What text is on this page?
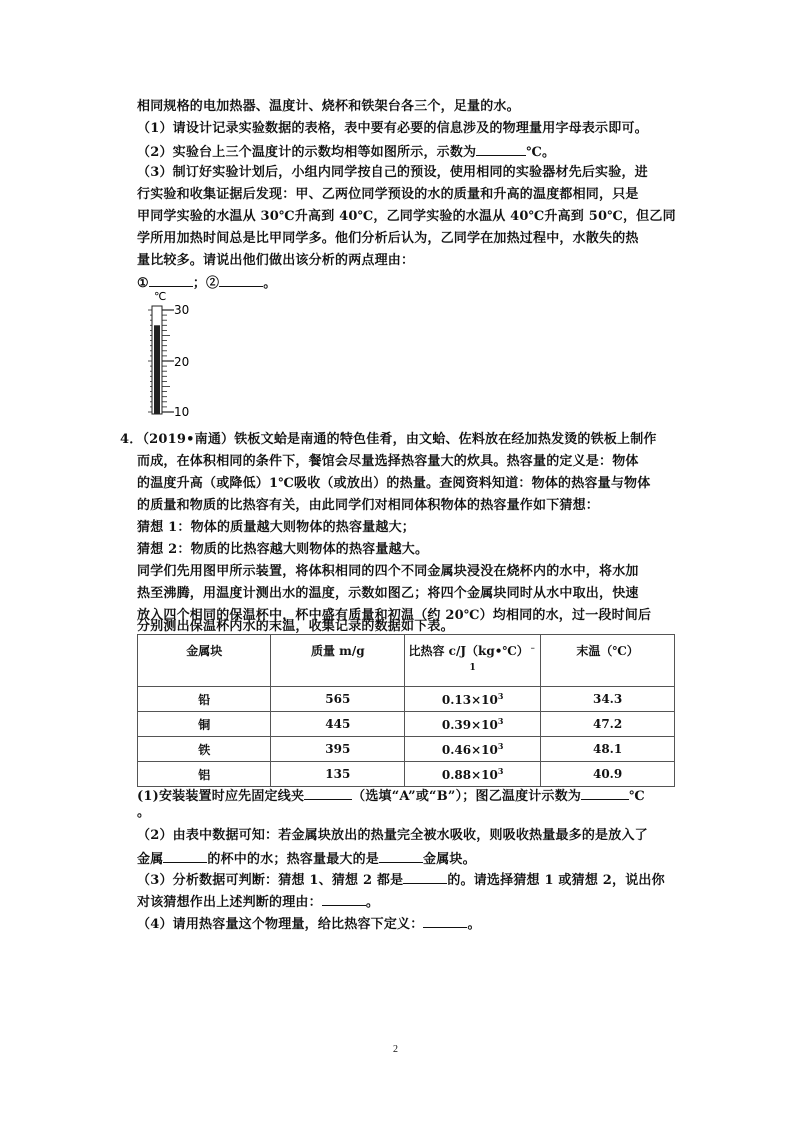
相同规格的电加热器、温度计、烧杯和铁架台各三个，足量的水。
（1）请设计记录实验数据的表格，表中要有必要的信息涉及的物理量用字母表示即可。
（2）实验台上三个温度计的示数均相等如图所示，示数为	℃。
（3）制订好实验计划后，小组内同学按自己的预设，使用相同的实验器材先后实验，进
行实验和收集证据后发现：甲、乙两位同学预设的水的质量和升高的温度都相同，只是
甲同学实验的水温从 30℃升高到 40℃，乙同学实验的水温从 40℃升高到 50℃，但乙同
学所用加热时间总是比甲同学多。他们分析后认为，乙同学在加热过程中，水散失的热
量比较多。请说出他们做出该分析的两点理由：
①	；②	。
℃
30
20
10
4．（2019•南通）铁板文蛤是南通的特色佳肴，由文蛤、佐料放在经加热发烫的铁板上制作
而成，在体积相同的条件下，餐馆会尽量选择热容量大的炊具。热容量的定义是：物体
的温度升高（或降低）1℃吸收（或放出）的热量。查阅资料知道：物体的热容量与物体
的质量和物质的比热容有关，由此同学们对相同体积物体的热容量作如下猜想：
猜想 1：物体的质量越大则物体的热容量越大；
猜想 2：物质的比热容越大则物体的热容量越大。
同学们先用图甲所示装置，将体积相同的四个不同金属块浸没在烧杯内的水中，将水加
热至沸腾，用温度计测出水的温度，示数如图乙；将四个金属块同时从水中取出，快速
放入四个相同的保温杯中，杯中盛有质量和初温（约 20℃）均相同的水，过一段时间后
分别测出保温杯内水的末温，收集记录的数据如下表。
金属块	质量 m/g	比热容 c/J（kg•℃）﹣
1	末温（℃）
铅	565	$0.13\times 10^3$	34.3
铜	445	$0.39\times 10^3$	47.2
铁	395	$0.46\times 10^3$	48.1
铝	135	$0.88\times 10^3$	40.9
(1)安装装置时应先固定线夹	（选填“A”或“B”）；图乙温度计示数为	℃
。
（2）由表中数据可知：若金属块放出的热量完全被水吸收，则吸收热量最多的是放入了
金属	的杯中的水；热容量最大的是	金属块。
（3）分析数据可判断：猜想 1、猜想 2 都是	的。请选择猜想 1 或猜想 2，说出你
对该猜想作出上述判断的理由：	。
（4）请用热容量这个物理量，给比热容下定义：	。
2
